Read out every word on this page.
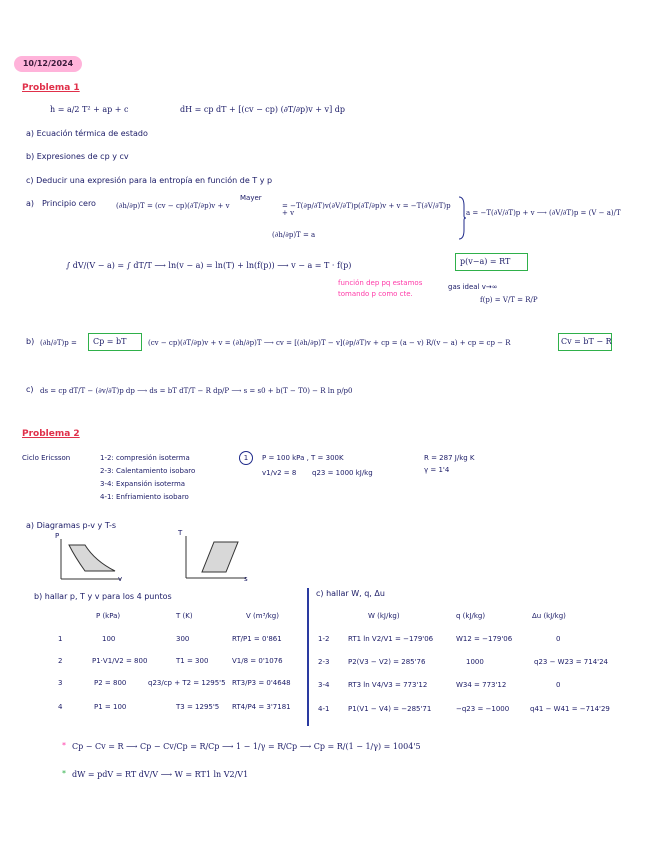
10/12/2024
Problema 1
h = a/2 T² + ap + c	dH = cp dT + [(cv − cp) (∂T/∂p)v + v] dp
a) Ecuación térmica de estado
b) Expresiones de cp y cv
c) Deducir una expresión para la entropía en función de T y p
a) Principio cero	(∂h/∂p)T = (cv − cp)(∂T/∂p)v + v
Mayer
= −T(∂p/∂T)v(∂V/∂T)p(∂T/∂p)v + v = −T(∂V/∂T)p + v
(∂h/∂p)T = a
a = −T(∂V/∂T)p + v ⟶ (∂V/∂T)p = (V − a)/T
∫ dV/(V − a) = ∫ dT/T ⟶ ln(v − a) = ln(T) + ln(f(p)) ⟶ v − a = T · f(p)	p(v−a) = RT
función dep pq estamos
tomando p como cte.
gas ideal v→∞
f(p) = V/T = R/P
b) (∂h/∂T)p = Cp = bT	(cv − cp)(∂T/∂p)v + v = (∂h/∂p)T ⟶ cv = [(∂h/∂p)T − v](∂p/∂T)v + cp = (a − v) R/(v − a) + cp = cp − R	Cv = bT − R
c) ds = cp dT/T − (∂v/∂T)p dp ⟶ ds = bT dT/T − R dp/P ⟶ s = s0 + b(T − T0) − R ln p/p0
Problema 2
Ciclo Ericsson	1-2: compresión isoterma
2-3: Calentamiento isobaro
3-4: Expansión isoterma
4-1: Enfriamiento isobaro
1	P = 100 kPa , T = 300K
v1/v2 = 8 q23 = 1000 kJ/kg
R = 287 J/kg K
γ = 1'4
a) Diagramas p-v y T-s
P
v
T
s
b) hallar p, T y v para los 4 puntos
P (kPa)	T (K)	V (m³/kg)
1	100	300	RT/P1 = 0'861
2	P1·V1/V2 = 800	T1 = 300	V1/8 = 0'1076
3	P2 = 800	q23/cp + T2 = 1295'5 RT3/P3 = 0'4648
4	P1 = 100	T3 = 1295'5 RT4/P4 = 3'7181
c) hallar W, q, Δu
W (kJ/kg)	q (kJ/kg)	Δu (kJ/kg)
1-2	RT1 ln V2/V1 = −179'06	W12 = −179'06	0
2-3	P2(V3 − V2) = 285'76	1000	q23 − W23 = 714'24
3-4	RT3 ln V4/V3 = 773'12	W34 = 773'12	0
4-1	P1(V1 − V4) = −285'71	−q23 = −1000	q41 − W41 = −714'29
* Cp − Cv = R ⟶ Cp − Cv/Cp = R/Cp ⟶ 1 − 1/γ = R/Cp ⟶ Cp = R/(1 − 1/γ) = 1004'5
* dW = pdV = RT dV/V ⟶ W = RT1 ln V2/V1
